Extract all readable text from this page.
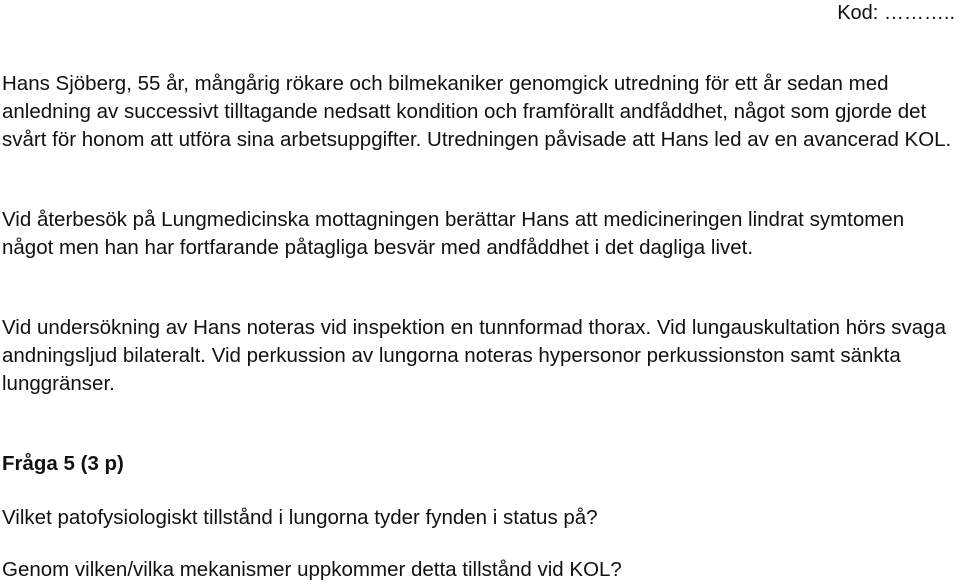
Kod: ………..

Hans Sjöberg, 55 år, mångårig rökare och bilmekaniker genomgick utredning för ett år sedan med anledning av successivt tilltagande nedsatt kondition och framförallt andfåddhet, något som gjorde det svårt för honom att utföra sina arbetsuppgifter. Utredningen påvisade att Hans led av en avancerad KOL.

Vid återbesök på Lungmedicinska mottagningen berättar Hans att medicineringen lindrat symtomen något men han har fortfarande påtagliga besvär med andfåddhet i det dagliga livet.

Vid undersökning av Hans noteras vid inspektion en tunnformad thorax. Vid lungauskultation hörs svaga andningsljud bilateralt. Vid perkussion av lungorna noteras hypersonor perkussionston samt sänkta lunggränser.

Fråga 5 (3 p)

Vilket patofysiologiskt tillstånd i lungorna tyder fynden i status på?

Genom vilken/vilka mekanismer uppkommer detta tillstånd vid KOL?
